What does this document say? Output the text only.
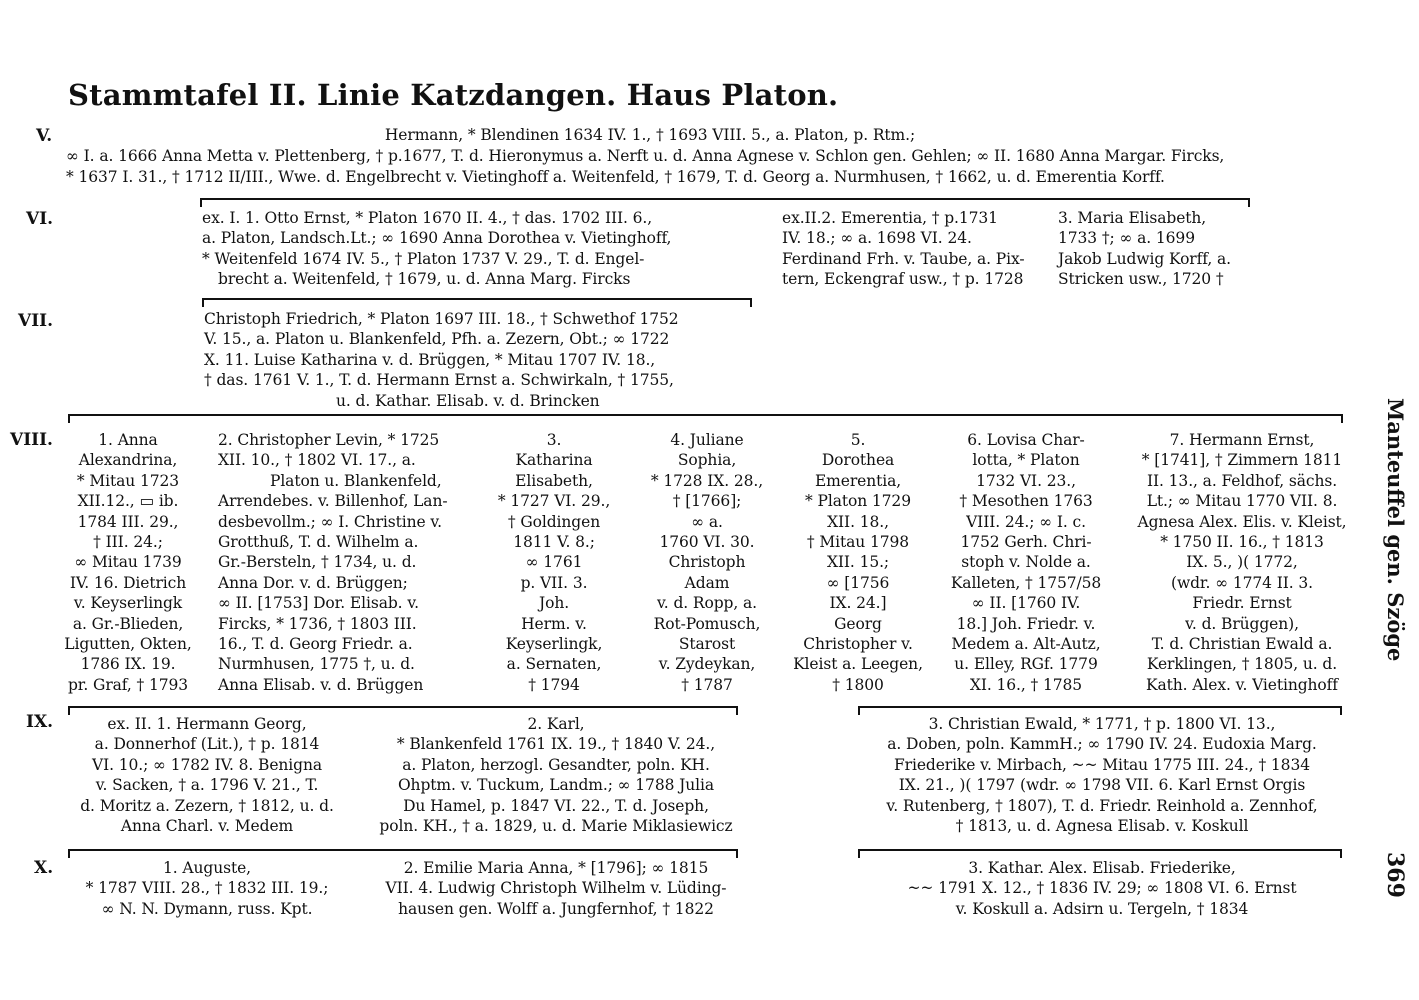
Stammtafel II. Linie Katzdangen. Haus Platon.
V.
VI.
VII.
VIII.
IX.
X.
Hermann, * Blendinen 1634 IV. 1., † 1693 VIII. 5., a. Platon, p. Rtm.;
∞ I. a. 1666 Anna Metta v. Plettenberg, † p.1677, T. d. Hieronymus a. Nerft u. d. Anna Agnese v. Schlon gen. Gehlen; ∞ II. 1680 Anna Margar. Fircks,
* 1637 I. 31., † 1712 II/III., Wwe. d. Engelbrecht v. Vietinghoff a. Weitenfeld, † 1679, T. d. Georg a. Nurmhusen, † 1662, u. d. Emerentia Korff.
ex. I. 1. Otto Ernst, * Platon 1670 II. 4., † das. 1702 III. 6.,
a. Platon, Landsch.Lt.; ∞ 1690 Anna Dorothea v. Vietinghoff,
* Weitenfeld 1674 IV. 5., † Platon 1737 V. 29., T. d. Engel-
brecht a. Weitenfeld, † 1679, u. d. Anna Marg. Fircks
ex.II.2. Emerentia, † p.1731
IV. 18.; ∞ a. 1698 VI. 24.
Ferdinand Frh. v. Taube, a. Pix-
tern, Eckengraf usw., † p. 1728
3. Maria Elisabeth,
1733 †; ∞ a. 1699
Jakob Ludwig Korff, a.
Stricken usw., 1720 †
Christoph Friedrich, * Platon 1697 III. 18., † Schwethof 1752
V. 15., a. Platon u. Blankenfeld, Pfh. a. Zezern, Obt.; ∞ 1722
X. 11. Luise Katharina v. d. Brüggen, * Mitau 1707 IV. 18.,
† das. 1761 V. 1., T. d. Hermann Ernst a. Schwirkaln, † 1755,
u. d. Kathar. Elisab. v. d. Brincken
1. Anna
Alexandrina,
* Mitau 1723
XII.12., ▭ ib.
1784 III. 29.,
† III. 24.;
∞ Mitau 1739
IV. 16. Dietrich
v. Keyserlingk
a. Gr.-Blieden,
Ligutten, Okten,
1786 IX. 19.
pr. Graf, † 1793
2. Christopher Levin, * 1725
XII. 10., † 1802 VI. 17., a.
Platon u. Blankenfeld,
Arrendebes. v. Billenhof, Lan-
desbevollm.; ∞ I. Christine v.
Grotthuß, T. d. Wilhelm a.
Gr.-Bersteln, † 1734, u. d.
Anna Dor. v. d. Brüggen;
∞ II. [1753] Dor. Elisab. v.
Fircks, * 1736, † 1803 III.
16., T. d. Georg Friedr. a.
Nurmhusen, 1775 †, u. d.
Anna Elisab. v. d. Brüggen
3.
Katharina
Elisabeth,
* 1727 VI. 29.,
† Goldingen
1811 V. 8.;
∞ 1761
p. VII. 3.
Joh.
Herm. v.
Keyserlingk,
a. Sernaten,
† 1794
4. Juliane
Sophia,
* 1728 IX. 28.,
† [1766];
∞ a.
1760 VI. 30.
Christoph
Adam
v. d. Ropp, a.
Rot-Pomusch,
Starost
v. Zydeykan,
† 1787
5.
Dorothea
Emerentia,
* Platon 1729
XII. 18.,
† Mitau 1798
XII. 15.;
∞ [1756
IX. 24.]
Georg
Christopher v.
Kleist a. Leegen,
† 1800
6. Lovisa Char-
lotta, * Platon
1732 VI. 23.,
† Mesothen 1763
VIII. 24.; ∞ I. c.
1752 Gerh. Chri-
stoph v. Nolde a.
Kalleten, † 1757/58
∞ II. [1760 IV.
18.] Joh. Friedr. v.
Medem a. Alt-Autz,
u. Elley, RGf. 1779
XI. 16., † 1785
7. Hermann Ernst,
* [1741], † Zimmern 1811
II. 13., a. Feldhof, sächs.
Lt.; ∞ Mitau 1770 VII. 8.
Agnesa Alex. Elis. v. Kleist,
* 1750 II. 16., † 1813
IX. 5., )( 1772,
(wdr. ∞ 1774 II. 3.
Friedr. Ernst
v. d. Brüggen),
T. d. Christian Ewald a.
Kerklingen, † 1805, u. d.
Kath. Alex. v. Vietinghoff
ex. II. 1. Hermann Georg,
a. Donnerhof (Lit.), † p. 1814
VI. 10.; ∞ 1782 IV. 8. Benigna
v. Sacken, † a. 1796 V. 21., T.
d. Moritz a. Zezern, † 1812, u. d.
Anna Charl. v. Medem
2. Karl,
* Blankenfeld 1761 IX. 19., † 1840 V. 24.,
a. Platon, herzogl. Gesandter, poln. KH.
Ohptm. v. Tuckum, Landm.; ∞ 1788 Julia
Du Hamel, p. 1847 VI. 22., T. d. Joseph,
poln. KH., † a. 1829, u. d. Marie Miklasiewicz
3. Christian Ewald, * 1771, † p. 1800 VI. 13.,
a. Doben, poln. KammH.; ∞ 1790 IV. 24. Eudoxia Marg.
Friederike v. Mirbach, ~~ Mitau 1775 III. 24., † 1834
IX. 21., )( 1797 (wdr. ∞ 1798 VII. 6. Karl Ernst Orgis
v. Rutenberg, † 1807), T. d. Friedr. Reinhold a. Zennhof,
† 1813, u. d. Agnesa Elisab. v. Koskull
1. Auguste,
* 1787 VIII. 28., † 1832 III. 19.;
∞ N. N. Dymann, russ. Kpt.
2. Emilie Maria Anna, * [1796]; ∞ 1815
VII. 4. Ludwig Christoph Wilhelm v. Lüding-
hausen gen. Wolff a. Jungfernhof, † 1822
3. Kathar. Alex. Elisab. Friederike,
~~ 1791 X. 12., † 1836 IV. 29; ∞ 1808 VI. 6. Ernst
v. Koskull a. Adsirn u. Tergeln, † 1834
Manteuffel gen. Szöge
369
